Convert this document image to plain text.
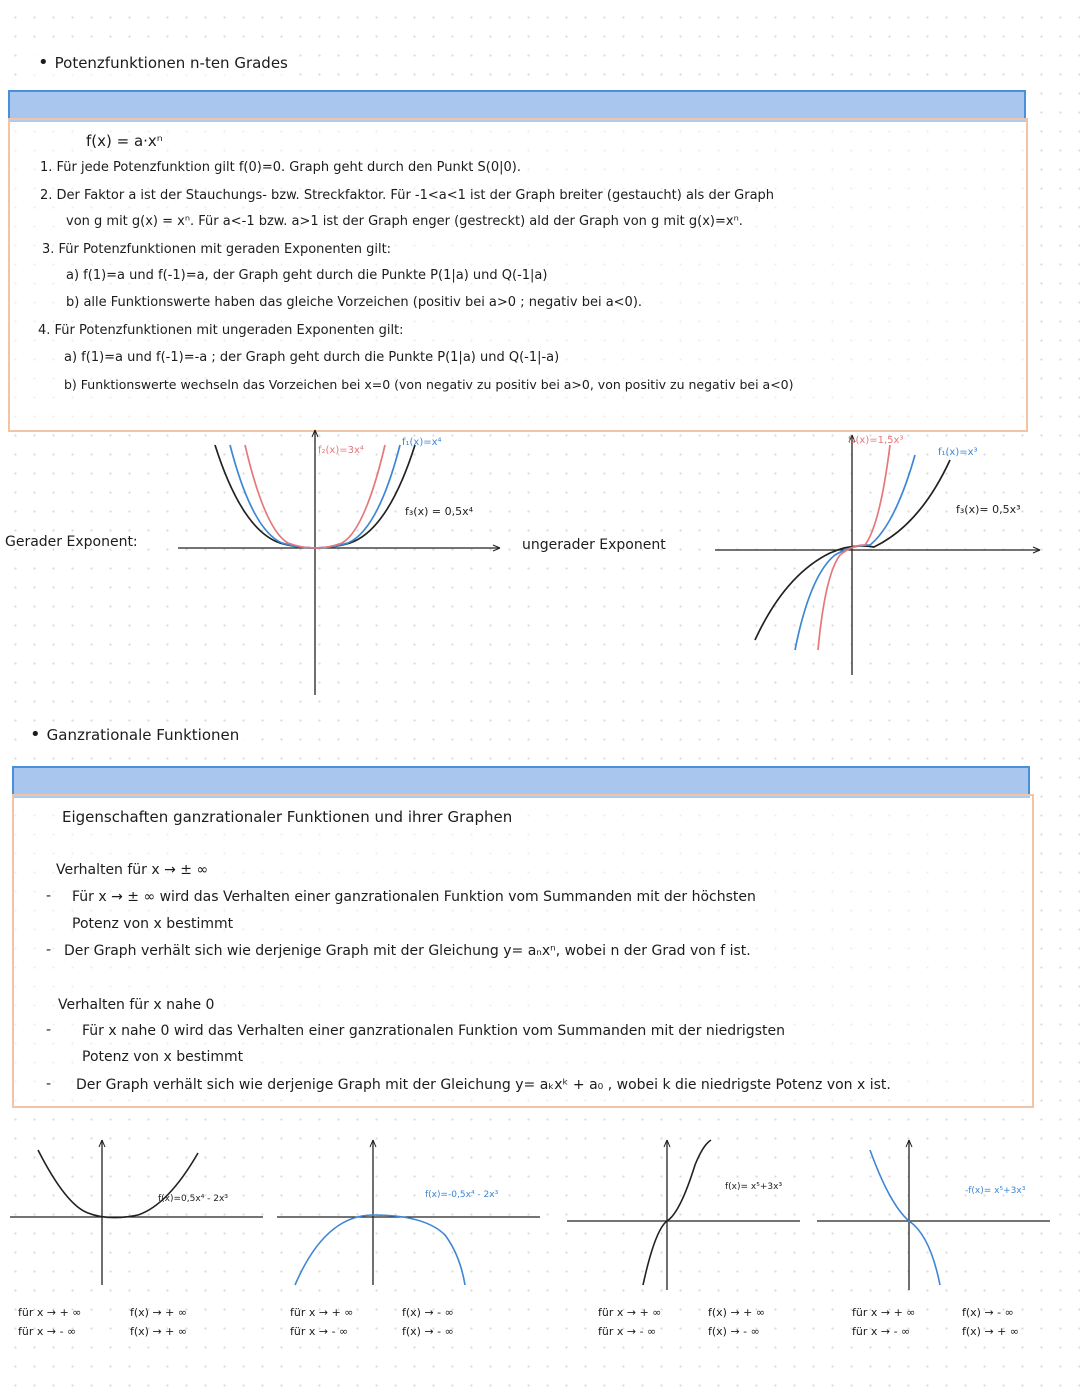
• Potenzfunktionen n-ten Grades
f(x) = a·xⁿ
1. Für jede Potenzfunktion gilt f(0)=0. Graph geht durch den Punkt S(0|0).
2. Der Faktor a ist der Stauchungs- bzw. Streckfaktor. Für -1<a<1 ist der Graph breiter (gestaucht) als der Graph
von g mit g(x) = xⁿ. Für a<-1 bzw. a>1 ist der Graph enger (gestreckt) ald der Graph von g mit g(x)=xⁿ.
3. Für Potenzfunktionen mit geraden Exponenten gilt:
a) f(1)=a und f(-1)=a, der Graph geht durch die Punkte P(1|a) und Q(-1|a)
b) alle Funktionswerte haben das gleiche Vorzeichen (positiv bei a>0 ; negativ bei a<0).
4. Für Potenzfunktionen mit ungeraden Exponenten gilt:
a) f(1)=a und f(-1)=-a ; der Graph geht durch die Punkte P(1|a) und Q(-1|-a)
b) Funktionswerte wechseln das Vorzeichen bei x=0 (von negativ zu positiv bei a>0, von positiv zu negativ bei a<0)
Gerader Exponent:
f₂(x)=3x⁴
f₁(x)=x⁴
f₃(x) = 0,5x⁴
ungerader Exponent
f₂(x)=1,5x³
f₁(x)=x³
f₃(x)= 0,5x³
• Ganzrationale Funktionen
Eigenschaften ganzrationaler Funktionen und ihrer Graphen
Verhalten für x → ± ∞
- Für x → ± ∞ wird das Verhalten einer ganzrationalen Funktion vom Summanden mit der höchsten
Potenz von x bestimmt
- Der Graph verhält sich wie derjenige Graph mit der Gleichung y= aₙxⁿ, wobei n der Grad von f ist.
Verhalten für x nahe 0
- Für x nahe 0 wird das Verhalten einer ganzrationalen Funktion vom Summanden mit der niedrigsten
Potenz von x bestimmt
- Der Graph verhält sich wie derjenige Graph mit der Gleichung y= aₖxᵏ + a₀ , wobei k die niedrigste Potenz von x ist.
f(x)=0,5x⁴ - 2x³
für x → + ∞	f(x) → + ∞
für x → - ∞	f(x) → + ∞
f(x)=-0,5x⁴ - 2x³
für x → + ∞	f(x) → - ∞
für x → - ∞	f(x) → - ∞
f(x)= x⁵+3x³
für x → + ∞	f(x) → + ∞
für x → - ∞	f(x) → - ∞
-f(x)= x⁵+3x³
für x → + ∞	f(x) → - ∞
für x → - ∞	f(x) → + ∞
